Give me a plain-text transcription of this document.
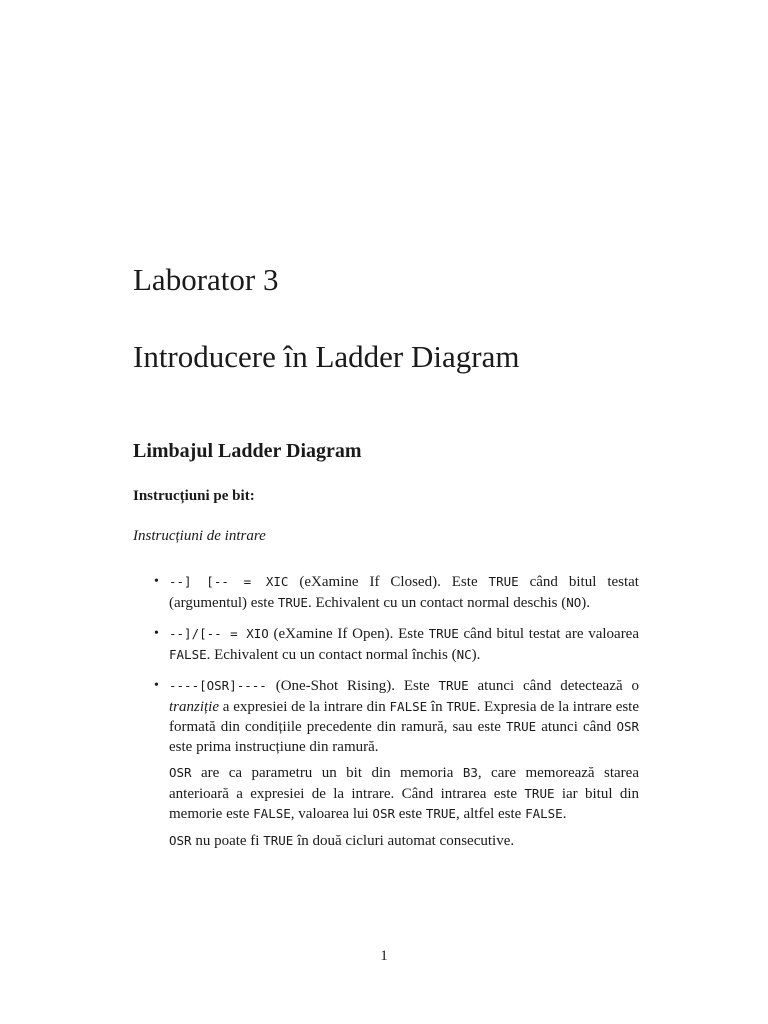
Laborator 3
Introducere în Ladder Diagram
Limbajul Ladder Diagram
Instrucțiuni pe bit:

Instrucțiuni de intrare

• --] [-- = XIC (eXamine If Closed). Este TRUE când bitul testat (argumentul) este TRUE. Echivalent cu un contact normal deschis (NO).
• --]/[-- = XIO (eXamine If Open). Este TRUE când bitul testat are valoarea FALSE. Echivalent cu un contact normal închis (NC).
• ----[OSR]---- (One-Shot Rising). Este TRUE atunci când detectează o tranziție a expresiei de la intrare din FALSE în TRUE. Expresia de la intrare este formată din condițiile precedente din ramură, sau este TRUE atunci când OSR este prima instrucțiune din ramură.

OSR are ca parametru un bit din memoria B3, care memorează starea anterioară a expresiei de la intrare. Când intrarea este TRUE iar bitul din memorie este FALSE, valoarea lui OSR este TRUE, altfel este FALSE.

OSR nu poate fi TRUE în două cicluri automat consecutive.

1
